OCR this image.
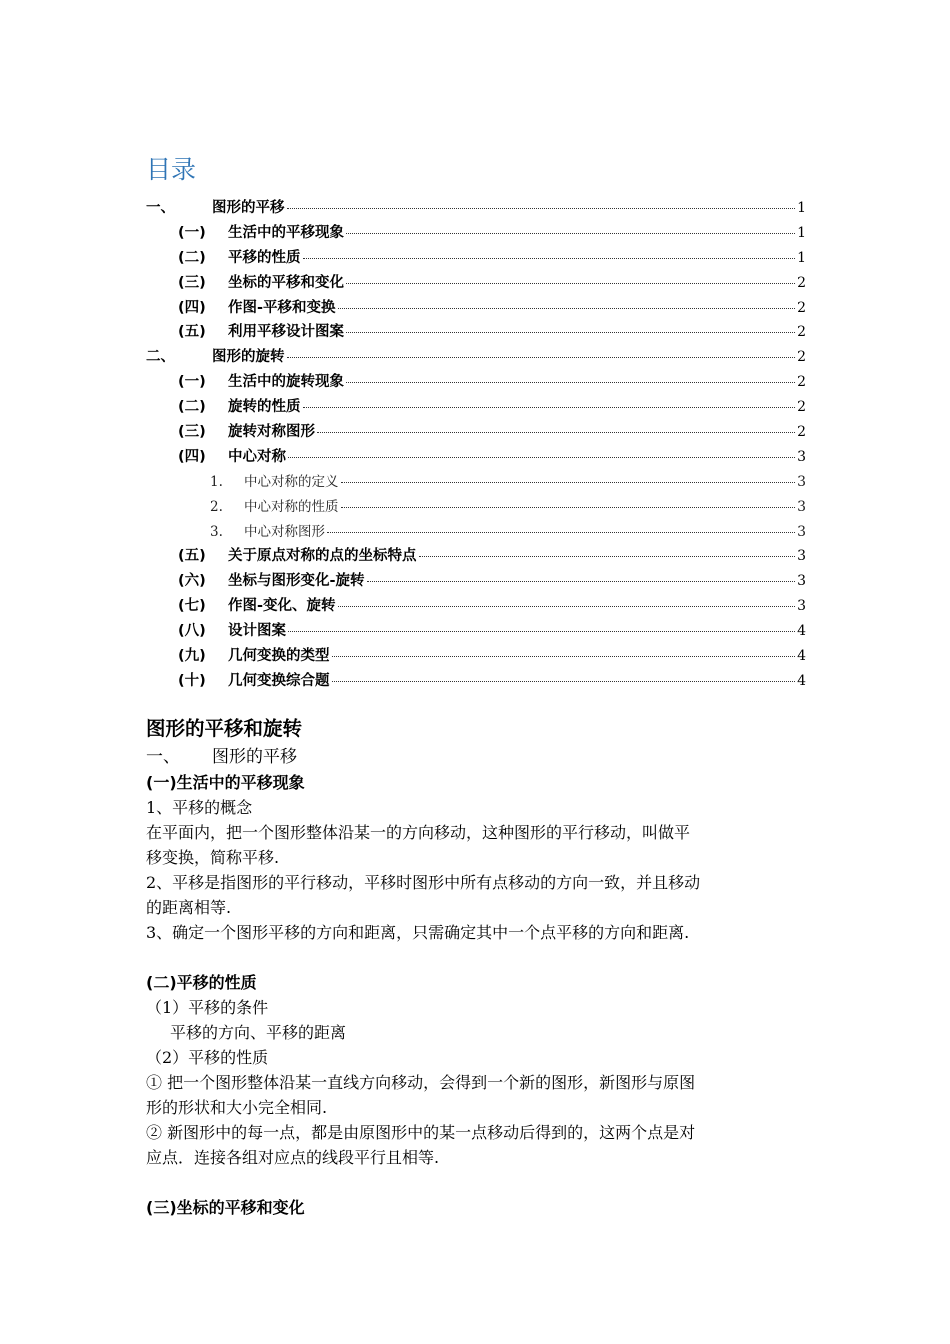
目录
一、	图形的平移	1
(一)	生活中的平移现象	1
(二)	平移的性质	1
(三)	坐标的平移和变化	2
(四)	作图-平移和变换	2
(五)	利用平移设计图案	2
二、	图形的旋转	2
(一)	生活中的旋转现象	2
(二)	旋转的性质	2
(三)	旋转对称图形	2
(四)	中心对称	3
1.	中心对称的定义	3
2.	中心对称的性质	3
3.	中心对称图形	3
(五)	关于原点对称的点的坐标特点	3
(六)	坐标与图形变化-旋转	3
(七)	作图-变化、旋转	3
(八)	设计图案	4
(九)	几何变换的类型	4
(十)	几何变换综合题	4
图形的平移和旋转
一、	图形的平移
(一)生活中的平移现象

1、平移的概念

在平面内，把一个图形整体沿某一的方向移动，这种图形的平行移动，叫做平

移变换，简称平移.

2、平移是指图形的平行移动，平移时图形中所有点移动的方向一致，并且移动

的距离相等.

3、确定一个图形平移的方向和距离，只需确定其中一个点平移的方向和距离.

(二)平移的性质

（1）平移的条件

平移的方向、平移的距离

（2）平移的性质

① 把一个图形整体沿某一直线方向移动，会得到一个新的图形，新图形与原图

形的形状和大小完全相同.

② 新图形中的每一点，都是由原图形中的某一点移动后得到的，这两个点是对

应点．连接各组对应点的线段平行且相等.

(三)坐标的平移和变化
